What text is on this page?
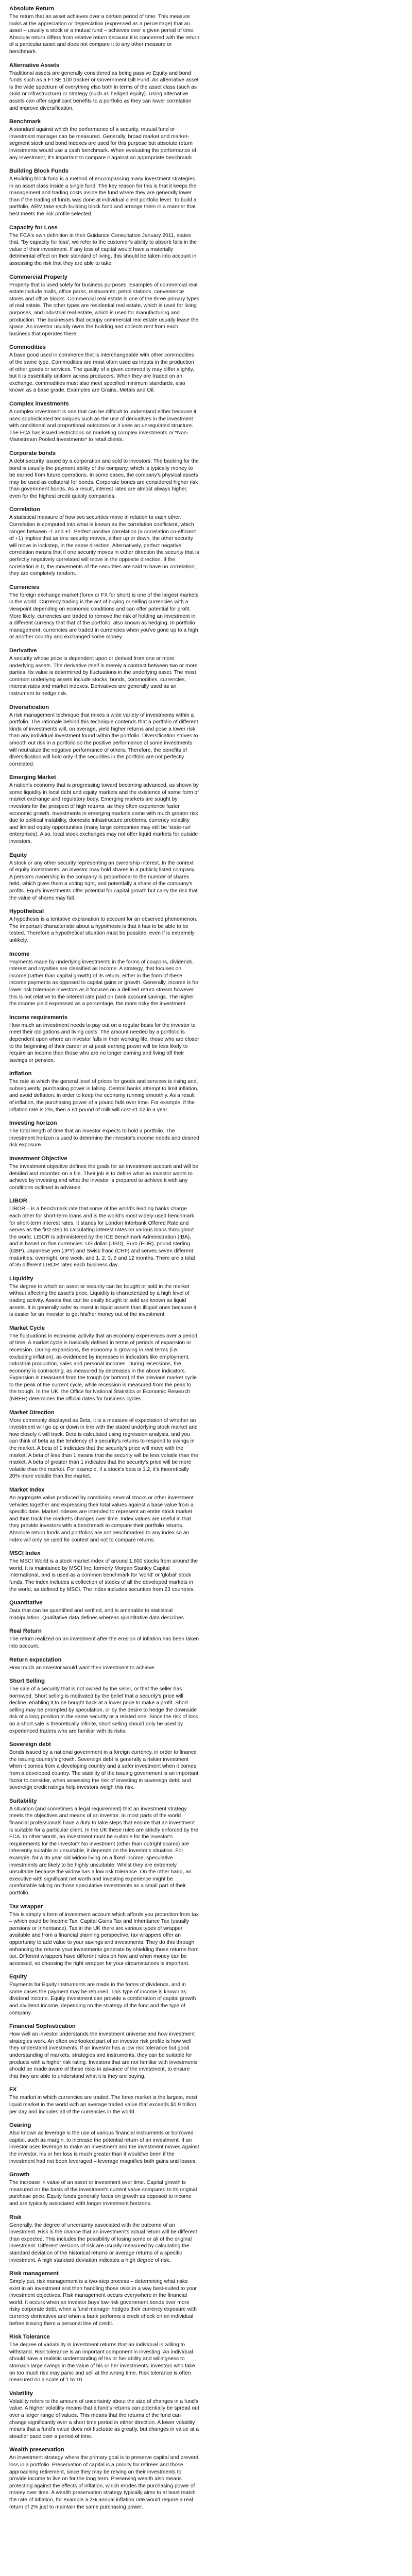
Absolute Return
The return that an asset achieves over a certain period of time. This measure looks at the appreciation or depreciation (expressed as a percentage) that an asset – usually a stock or a mutual fund – achieves over a given period of time. Absolute return differs from relative return because it is concerned with the return of a particular asset and does not compare it to any other measure or benchmark.
Alternative Assets
Traditional assets are generally considered as being passive Equity and bond funds such as a FTSE 100 tracker or Government Gilt Fund. An alternative asset is the wide spectrum of everything else both in terms of the asset class (such as Gold or Infrastructure) or strategy (such as hedged equity). Using alternative assets can offer significant benefits to a portfolio as they can lower correlation and improve diversification.
Benchmark
A standard against which the performance of a security, mutual fund or investment manager can be measured. Generally, broad market and market-segment stock and bond indexes are used for this purpose but absolute return investments would use a cash benchmark. When evaluating the performance of any investment, it's important to compare it against an appropriate benchmark.
Building Block Funds
A Building block fund is a method of encompassing many investment strategies in an asset class inside a single fund. The key reason for this is that it keeps the management and trading costs inside the fund where they are generally lower than if the trading of funds was done at individual client portfolio level. To build a portfolio, ARM take each building block fund and arrange them in a manner that best meets the risk profile selected.
Capacity for Loss
The FCA's own definition in their Guidance Consultation January 2011, states that, "by capacity for loss', we refer to the customer's ability to absorb falls in the value of their investment. If any loss of capital would have a materially detrimental effect on their standard of living, this should be taken into account in assessing the risk that they are able to take.
Commercial Property
Property that is used solely for business purposes. Examples of commercial real estate include malls, office parks, restaurants, petrol stations, convenience stores and office blocks. Commercial real estate is one of the three primary types of real estate. The other types are residential real estate, which is used for living purposes, and industrial real estate, which is used for manufacturing and production. The businesses that occupy commercial real estate usually lease the space. An investor usually owns the building and collects rent from each business that operates there.
Commodities
A base good used in commerce that is interchangeable with other commodities of the same type. Commodities are most often used as inputs in the production of other goods or services. The quality of a given commodity may differ slightly, but it is essentially uniform across producers. When they are traded on an exchange, commodities must also meet specified minimum standards, also known as a base grade. Examples are Grains, Metals and Oil.
Complex investments
A complex investment is one that can be difficult to understand either because it uses sophisticated techniques such as the use of derivatives in the investment with conditional and proportional outcomes or it uses an unregulated structure. The FCA has issued restrictions on marketing complex investments or *Non-Mainstream Pooled Investments* to retail clients.
Corporate bonds
A debt security issued by a corporation and sold to investors. The backing for the bond is usually the payment ability of the company, which is typically money to be earned from future operations. In some cases, the company's physical assets may be used as collateral for bonds. Corporate bonds are considered higher risk than government bonds. As a result, interest rates are almost always higher, even for the highest credit quality companies.
Correlation
A statistical measure of how two securities move in relation to each other. Correlation is computed into what is known as the correlation coefficient, which ranges between -1 and +1. Perfect positive correlation (a correlation co-efficient of +1) implies that as one security moves, either up or down, the other security will move in lockstep, in the same direction. Alternatively, perfect negative correlation means that if one security moves in either direction the security that is perfectly negatively correlated will move in the opposite direction. If the correlation is 0, the movements of the securities are said to have no correlation; they are completely random.
Currencies
The foreign exchange market (forex or FX for short) is one of the largest markets in the world. Currency trading is the act of buying or selling currencies with a viewpoint depending on economic conditions and can offer potential for profit. More likely, currencies are traded to remove the risk of holding an investment in a different currency that that of the portfolio, also known as hedging. In portfolio management, currencies are traded in currencies when you've gone up to a high or another country and exchanged some money.
Derivative
A security whose price is dependent upon or derived from one or more underlying assets. The derivative itself is merely a contract between two or more parties. Its value is determined by fluctuations in the underlying asset. The most common underlying assets include stocks, bonds, commodities, currencies, interest rates and market indexes. Derivatives are generally used as an instrument to hedge risk.
Diversification
A risk management technique that mixes a wide variety of investments within a portfolio. The rationale behind this technique contends that a portfolio of different kinds of investments will, on average, yield higher returns and pose a lower risk than any individual investment found within the portfolio. Diversification strives to smooth out risk in a portfolio so the positive performance of some investments will neutralize the negative performance of others. Therefore, the benefits of diversification will hold only if the securities in the portfolio are not perfectly correlated.
Emerging Market
A nation's economy that is progressing toward becoming advanced, as shown by some liquidity in local debt and equity markets and the existence of some form of market exchange and regulatory body. Emerging markets are sought by investors for the prospect of high returns, as they often experience faster economic growth. Investments in emerging markets come with much greater risk due to political instability, domestic infrastructure problems, currency volatility and limited equity opportunities (many large companies may still be 'state-run' enterprises). Also, local stock exchanges may not offer liquid markets for outside investors.
Equity
A stock or any other security representing an ownership interest. In the context of equity investments, an investor may hold shares in a publicly listed company. A person's ownership in the company is proportional to the number of shares held, which gives them a voting right, and potentially a share of the company's profits. Equity investments offer potential for capital growth but carry the risk that the value of shares may fall.
Hypothetical
A hypothesis is a tentative explanation to account for an observed phenomenon. The important characteristic about a hypothesis is that it has to be able to be tested. Therefore a hypothetical situation must be possible, even if is extremely unlikely.
Income
Payments made by underlying investments in the forms of coupons, dividends, interest and royalties are classified as Income. A strategy, that focuses on income (rather than capital growth) of its return, either in the form of these income payments as opposed to capital gains or growth. Generally, income is for lower risk tolerance investors as it focuses on a defined return stream however this is not relative to the interest rate paid on bank account savings. The higher the income yield expressed as a percentage, the more risky the investment.
Income requirements
How much an investment needs to pay out on a regular basis for the investor to meet their obligations and living costs. The amount needed by a portfolio is dependent upon where an investor falls in their working life, those who are closer to the beginning of their career or at peak earning power will be less likely to require an income than those who are no longer earning and living off their savings or pension.
Inflation
The rate at which the general level of prices for goods and services is rising and, subsequently, purchasing power is falling. Central banks attempt to limit inflation, and avoid deflation, in order to keep the economy running smoothly. As a result of inflation, the purchasing power of a pound falls over time. For example, if the inflation rate is 2%, then a £1 pound of milk will cost £1.02 in a year.
Investing horizon
The total length of time that an investor expects to hold a portfolio. The investment horizon is used to determine the investor's income needs and desired risk exposure.
Investment Objective
The investment objective defines the goals for an investment account and will be detailed and recorded on a file. Their job is to define what an investor wants to achieve by investing and what the investor is prepared to achieve it with any conditions outlined in advance.
LIBOR
LIBOR – is a benchmark rate that some of the world's leading banks charge each other for short-term loans and is the world's most widely-used benchmark for short-term interest rates. It stands for London Interbank Offered Rate and serves as the first step to calculating interest rates on various loans throughout the world. LIBOR is administered by the ICE Benchmark Administration (IBA), and is based on five currencies: US dollar (USD), Euro (EUR), pound sterling (GBP), Japanese yen (JPY) and Swiss franc (CHF) and serves seven different maturities: overnight, one week, and 1, 2, 3, 6 and 12 months. There are a total of 35 different LIBOR rates each business day.
Liquidity
The degree to which an asset or security can be bought or sold in the market without affecting the asset's price. Liquidity is characterized by a high level of trading activity. Assets that can be easily bought or sold are known as liquid assets. It is generally safer to invest in liquid assets than illiquid ones because it is easier for an investor to get his/her money out of the investment.
Market Cycle
The fluctuations in economic activity that an economy experiences over a period of time. A market cycle is basically defined in terms of periods of expansion or recession. During expansions, the economy is growing in real terms (i.e. excluding inflation), as evidenced by increases in indicators like employment, industrial production, sales and personal incomes. During recessions, the economy is contracting, as measured by decreases in the above indicators. Expansion is measured from the trough (or bottom) of the previous market cycle to the peak of the current cycle, while recession is measured from the peak to the trough. In the UK, the Office for National Statistics or Economic Research (NBER) determines the official dates for business cycles.
Market Direction
More commonly displayed as Beta, it is a measure of expectation of whether an investment will go up or down in line with the stated underlying stock market and how closely it will track. Beta is calculated using regression analysis, and you can think of beta as the tendency of a security's returns to respond to swings in the market. A beta of 1 indicates that the security's price will move with the market. A beta of less than 1 means that the security will be less volatile than the market. A beta of greater than 1 indicates that the security's price will be more volatile than the market. For example, if a stock's beta is 1.2, it's theoretically 20% more volatile than the market.
Market Index
An aggregate value produced by combining several stocks or other investment vehicles together and expressing their total values against a base value from a specific date. Market indexes are intended to represent an entire stock market and thus track the market's changes over time. Index values are useful in that they provide investors with a benchmark to compare their portfolio returns. Absolute return funds and portfolios are not benchmarked to any index so an index will only be used for context and not to compare returns.
MSCI Index
The MSCI World is a stock market index of around 1,600 stocks from around the world. It is maintained by MSCI Inc, formerly Morgan Stanley Capital International, and is used as a common benchmark for 'world' or 'global' stock funds. The index includes a collection of stocks of all the developed markets in the world, as defined by MSCI. The index includes securities from 23 countries.
Quantitative
Data that can be quantified and verified, and is amenable to statistical manipulation. Qualitative data defines whereas quantitative data describes.
Real Return
The return realized on an investment after the erosion of inflation has been taken into account.
Return expectation
How much an investor would want their investment to achieve.
Short Selling
The sale of a security that is not owned by the seller, or that the seller has borrowed. Short selling is motivated by the belief that a security's price will decline, enabling it to be bought back at a lower price to make a profit. Short selling may be prompted by speculation, or by the desire to hedge the downside risk of a long position in the same security or a related one. Since the risk of loss on a short sale is theoretically infinite, short selling should only be used by experienced traders who are familiar with its risks.
Sovereign debt
Bonds issued by a national government in a foreign currency, in order to finance the issuing country's growth. Sovereign debt is generally a riskier investment when it comes from a developing country and a safer investment when it comes from a developed country. The stability of the issuing government is an important factor to consider, when assessing the risk of investing in sovereign debt, and sovereign credit ratings help investors weigh this risk.
Suitability
A situation (and sometimes a legal requirement) that an investment strategy meets the objectives and means of an investor. In most parts of the world financial professionals have a duty to take steps that ensure that an investment is suitable for a particular client. In the UK these rules are strictly enforced by the FCA. In other words, an investment must be suitable for the investor's requirements for the investor? No investment (other than outright scams) are inherently suitable or unsuitable, it depends on the investor's situation. For example, for a 95 year old widow living on a fixed income, speculative investments are likely to be highly unsuitable. Whilst they are extremely unsuitable because the widow has a low risk tolerance. On the other hand, an executive with significant net worth and investing experience might be comfortable taking on those speculative investments as a small part of their portfolio.
Tax wrapper
This is simply a form of investment account which affords you protection from tax – which could be Income Tax, Capital Gains Tax and Inheritance Tax (usually pensions or Inheritance). Tax in the UK there are various types of wrapper available and from a financial planning perspective, tax wrappers offer an opportunity to add value to your savings and investments. They do this through enhancing the returns your investments generate by shielding those returns from tax. Different wrappers have different rules on how and when money can be accessed, so choosing the right wrapper for your circumstances is important.
Equity
Payments for Equity instruments are made in the forms of dividends, and in some cases the payment may be returned. This type of income is known as dividend income. Equity investment can provide a combination of capital growth and dividend income, depending on the strategy of the fund and the type of company.
Financial Sophistication
How well an investor understands the investment universe and how investment strategies work. An often overlooked part of an investor risk profile is how well they understand investments. If an investor has a low risk tolerance but good understanding of markets, strategies and instruments, they can be suitable for products with a higher risk rating. Investors that are not familiar with investments should be made aware of these risks in advance of the investment, to ensure that they are able to understand what it is they are buying.
FX
The market in which currencies are traded. The forex market is the largest, most liquid market in the world with an average traded value that exceeds $1.9 trillion per day and includes all of the currencies in the world.
Gearing
Also known as leverage is the use of various financial instruments or borrowed capital, such as margin, to increase the potential return of an investment. If an investor uses leverage to make an investment and the investment moves against the investor, his or her loss is much greater than it would've been if the investment had not been leveraged – leverage magnifies both gains and losses.
Growth
The increase in value of an asset or investment over time. Capital growth is measured on the basis of the investment's current value compared to its original purchase price. Equity funds generally focus on growth as opposed to income and are typically associated with longer investment horizons.
Risk
Generally, the degree of uncertainty associated with the outcome of an investment. Risk is the chance that an investment's actual return will be different than expected. This includes the possibility of losing some or all of the original investment. Different versions of risk are usually measured by calculating the standard deviation of the historical returns or average returns of a specific investment. A high standard deviation indicates a high degree of risk.
Risk management
Simply put, risk management is a two-step process – determining what risks exist in an investment and then handling those risks in a way best-suited to your investment objectives. Risk management occurs everywhere in the financial world. It occurs when an investor buys low-risk government bonds over more risky corporate debt, when a fund manager hedges their currency exposure with currency derivatives and when a bank performs a credit check on an individual before issuing them a personal line of credit.
Risk Tolerance
The degree of variability in investment returns that an individual is willing to withstand. Risk tolerance is an important component in investing. An individual should have a realistic understanding of his or her ability and willingness to stomach large swings in the value of his or her investments; investors who take on too much risk may panic and sell at the wrong time. Risk tolerance is often measured on a scale of 1 to 10.
Volatility
Volatility refers to the amount of uncertainty about the size of changes in a fund's value. A higher volatility means that a fund's returns can potentially be spread out over a larger range of values. This means that the returns of the fund can change significantly over a short time period in either direction. A lower volatility means that a fund's value does not fluctuate as greatly, but changes in value at a steadier pace over a period of time.
Wealth preservation
An investment strategy where the primary goal is to preserve capital and prevent loss in a portfolio. Preservation of capital is a priority for retirees and those approaching retirement, since they may be relying on their investments to provide income to live on for the long term. Preserving wealth also means protecting against the effects of inflation, which erodes the purchasing power of money over time. A wealth preservation strategy typically aims to at least match the rate of inflation, for example a 2% annual inflation rate would require a real return of 2% just to maintain the same purchasing power.
